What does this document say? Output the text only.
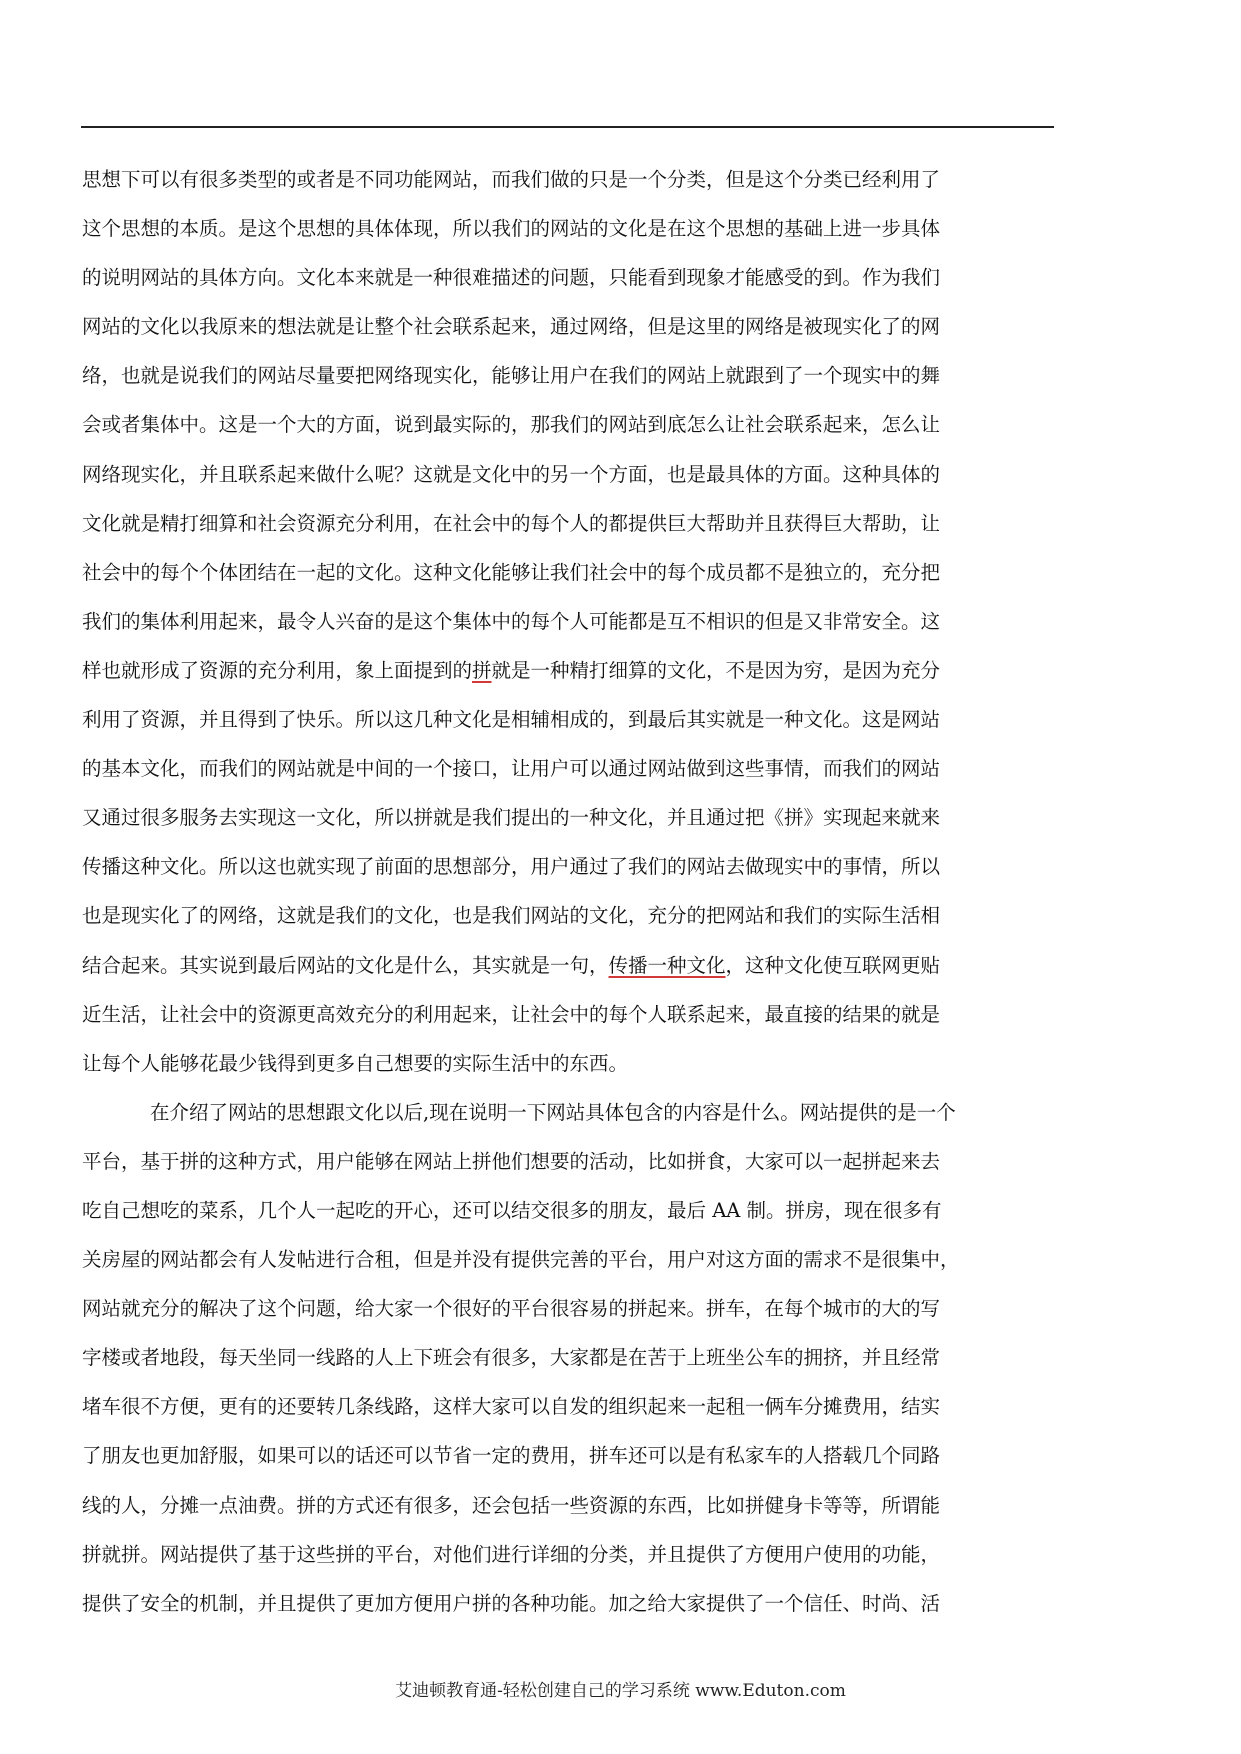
思想下可以有很多类型的或者是不同功能网站，而我们做的只是一个分类，但是这个分类已经利用了
这个思想的本质。是这个思想的具体体现，所以我们的网站的文化是在这个思想的基础上进一步具体
的说明网站的具体方向。文化本来就是一种很难描述的问题，只能看到现象才能感受的到。作为我们
网站的文化以我原来的想法就是让整个社会联系起来，通过网络，但是这里的网络是被现实化了的网
络，也就是说我们的网站尽量要把网络现实化，能够让用户在我们的网站上就跟到了一个现实中的舞
会或者集体中。这是一个大的方面，说到最实际的，那我们的网站到底怎么让社会联系起来，怎么让
网络现实化，并且联系起来做什么呢？这就是文化中的另一个方面，也是最具体的方面。这种具体的
文化就是精打细算和社会资源充分利用，在社会中的每个人的都提供巨大帮助并且获得巨大帮助，让
社会中的每个个体团结在一起的文化。这种文化能够让我们社会中的每个成员都不是独立的，充分把
我们的集体利用起来，最令人兴奋的是这个集体中的每个人可能都是互不相识的但是又非常安全。这
样也就形成了资源的充分利用，象上面提到的拼就是一种精打细算的文化，不是因为穷，是因为充分
利用了资源，并且得到了快乐。所以这几种文化是相辅相成的，到最后其实就是一种文化。这是网站
的基本文化，而我们的网站就是中间的一个接口，让用户可以通过网站做到这些事情，而我们的网站
又通过很多服务去实现这一文化，所以拼就是我们提出的一种文化，并且通过把《拼》实现起来就来
传播这种文化。所以这也就实现了前面的思想部分，用户通过了我们的网站去做现实中的事情，所以
也是现实化了的网络，这就是我们的文化，也是我们网站的文化，充分的把网站和我们的实际生活相
结合起来。其实说到最后网站的文化是什么，其实就是一句，传播一种文化，这种文化使互联网更贴
近生活，让社会中的资源更高效充分的利用起来，让社会中的每个人联系起来，最直接的结果的就是
让每个人能够花最少钱得到更多自己想要的实际生活中的东西。
在介绍了网站的思想跟文化以后,现在说明一下网站具体包含的内容是什么。网站提供的是一个
平台，基于拼的这种方式，用户能够在网站上拼他们想要的活动，比如拼食，大家可以一起拼起来去
吃自己想吃的菜系，几个人一起吃的开心，还可以结交很多的朋友，最后 AA 制。拼房，现在很多有
关房屋的网站都会有人发帖进行合租，但是并没有提供完善的平台，用户对这方面的需求不是很集中，
网站就充分的解决了这个问题，给大家一个很好的平台很容易的拼起来。拼车，在每个城市的大的写
字楼或者地段，每天坐同一线路的人上下班会有很多，大家都是在苦于上班坐公车的拥挤，并且经常
堵车很不方便，更有的还要转几条线路，这样大家可以自发的组织起来一起租一俩车分摊费用，结实
了朋友也更加舒服，如果可以的话还可以节省一定的费用，拼车还可以是有私家车的人搭载几个同路
线的人，分摊一点油费。拼的方式还有很多，还会包括一些资源的东西，比如拼健身卡等等，所谓能
拼就拼。网站提供了基于这些拼的平台，对他们进行详细的分类，并且提供了方便用户使用的功能，
提供了安全的机制，并且提供了更加方便用户拼的各种功能。加之给大家提供了一个信任、时尚、活
艾迪顿教育通-轻松创建自己的学习系统 www.Eduton.com
